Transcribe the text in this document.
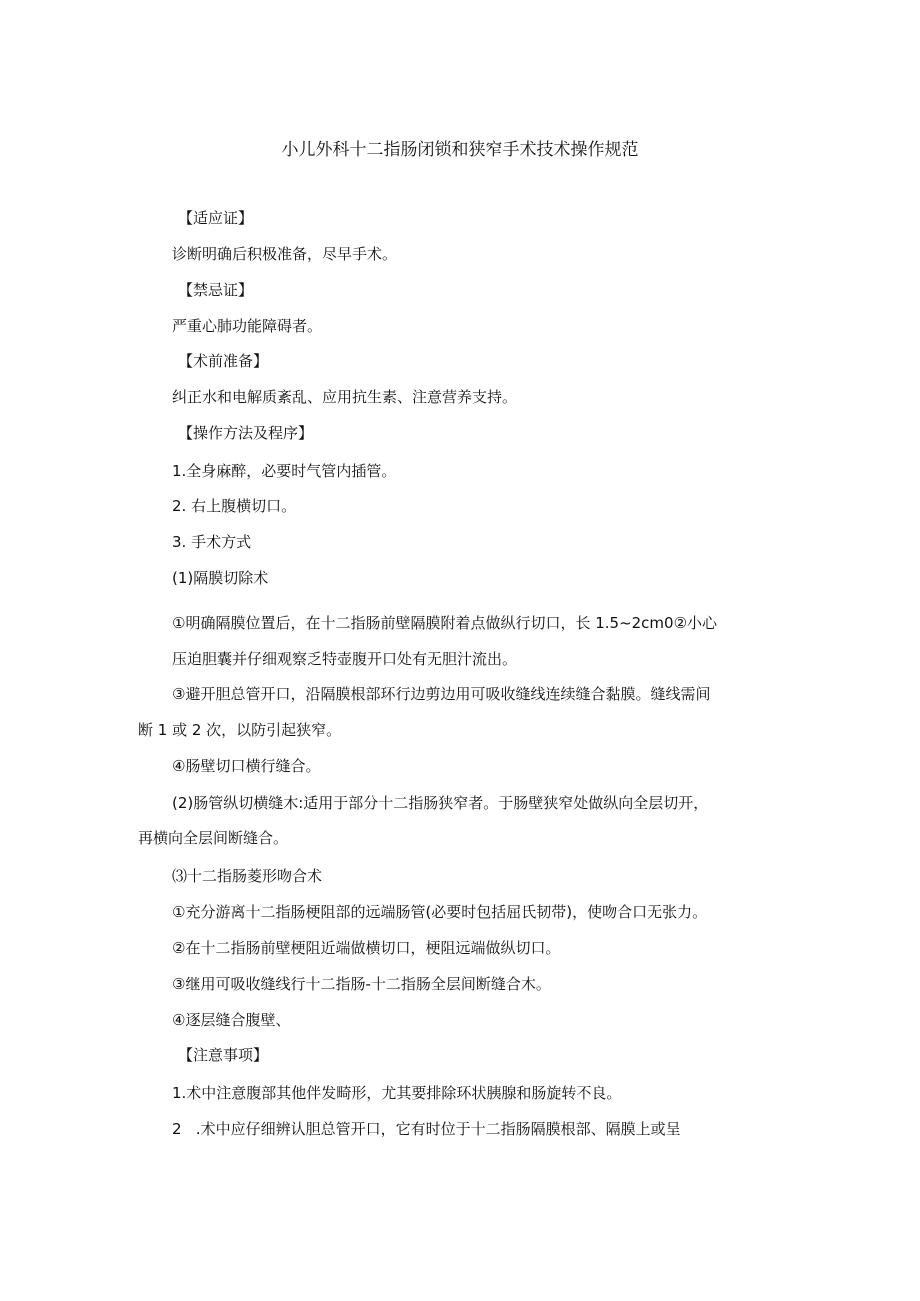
小儿外科十二指肠闭锁和狭窄手术技术操作规范
【适应证】
诊断明确后积极准备，尽早手术。
【禁忌证】
严重心肺功能障碍者。
【术前准备】
纠正水和电解质紊乱、应用抗生素、注意营养支持。
【操作方法及程序】
1.全身麻醉，必要时气管内插管。
2. 右上腹横切口。
3. 手术方式
(1)隔膜切除术
①明确隔膜位置后，在十二指肠前壁隔膜附着点做纵行切口，长 1.5~2cm0②小心
压迫胆囊并仔细观察乏特壶腹开口处有无胆汁流出。
③避开胆总管开口，沿隔膜根部环行边剪边用可吸收缝线连续缝合黏膜。缝线需间
断 1 或 2 次，以防引起狭窄。
④肠壁切口横行缝合。
(2)肠管纵切横缝木:适用于部分十二指肠狭窄者。于肠壁狭窄处做纵向全层切开，
再横向全层间断缝合。
⑶十二指肠菱形吻合术
①充分游离十二指肠梗阻部的远端肠管(必要时包括屈氏韧带)，使吻合口无张力。
②在十二指肠前壁梗阻近端做横切口，梗阻远端做纵切口。
③继用可吸收缝线行十二指肠-十二指肠全层间断缝合木。
④逐层缝合腹壁、
【注意事项】
1.术中注意腹部其他伴发畸形，尤其要排除环状胰腺和肠旋转不良。
2   .术中应仔细辨认胆总管开口，它有时位于十二指肠隔膜根部、隔膜上或呈
